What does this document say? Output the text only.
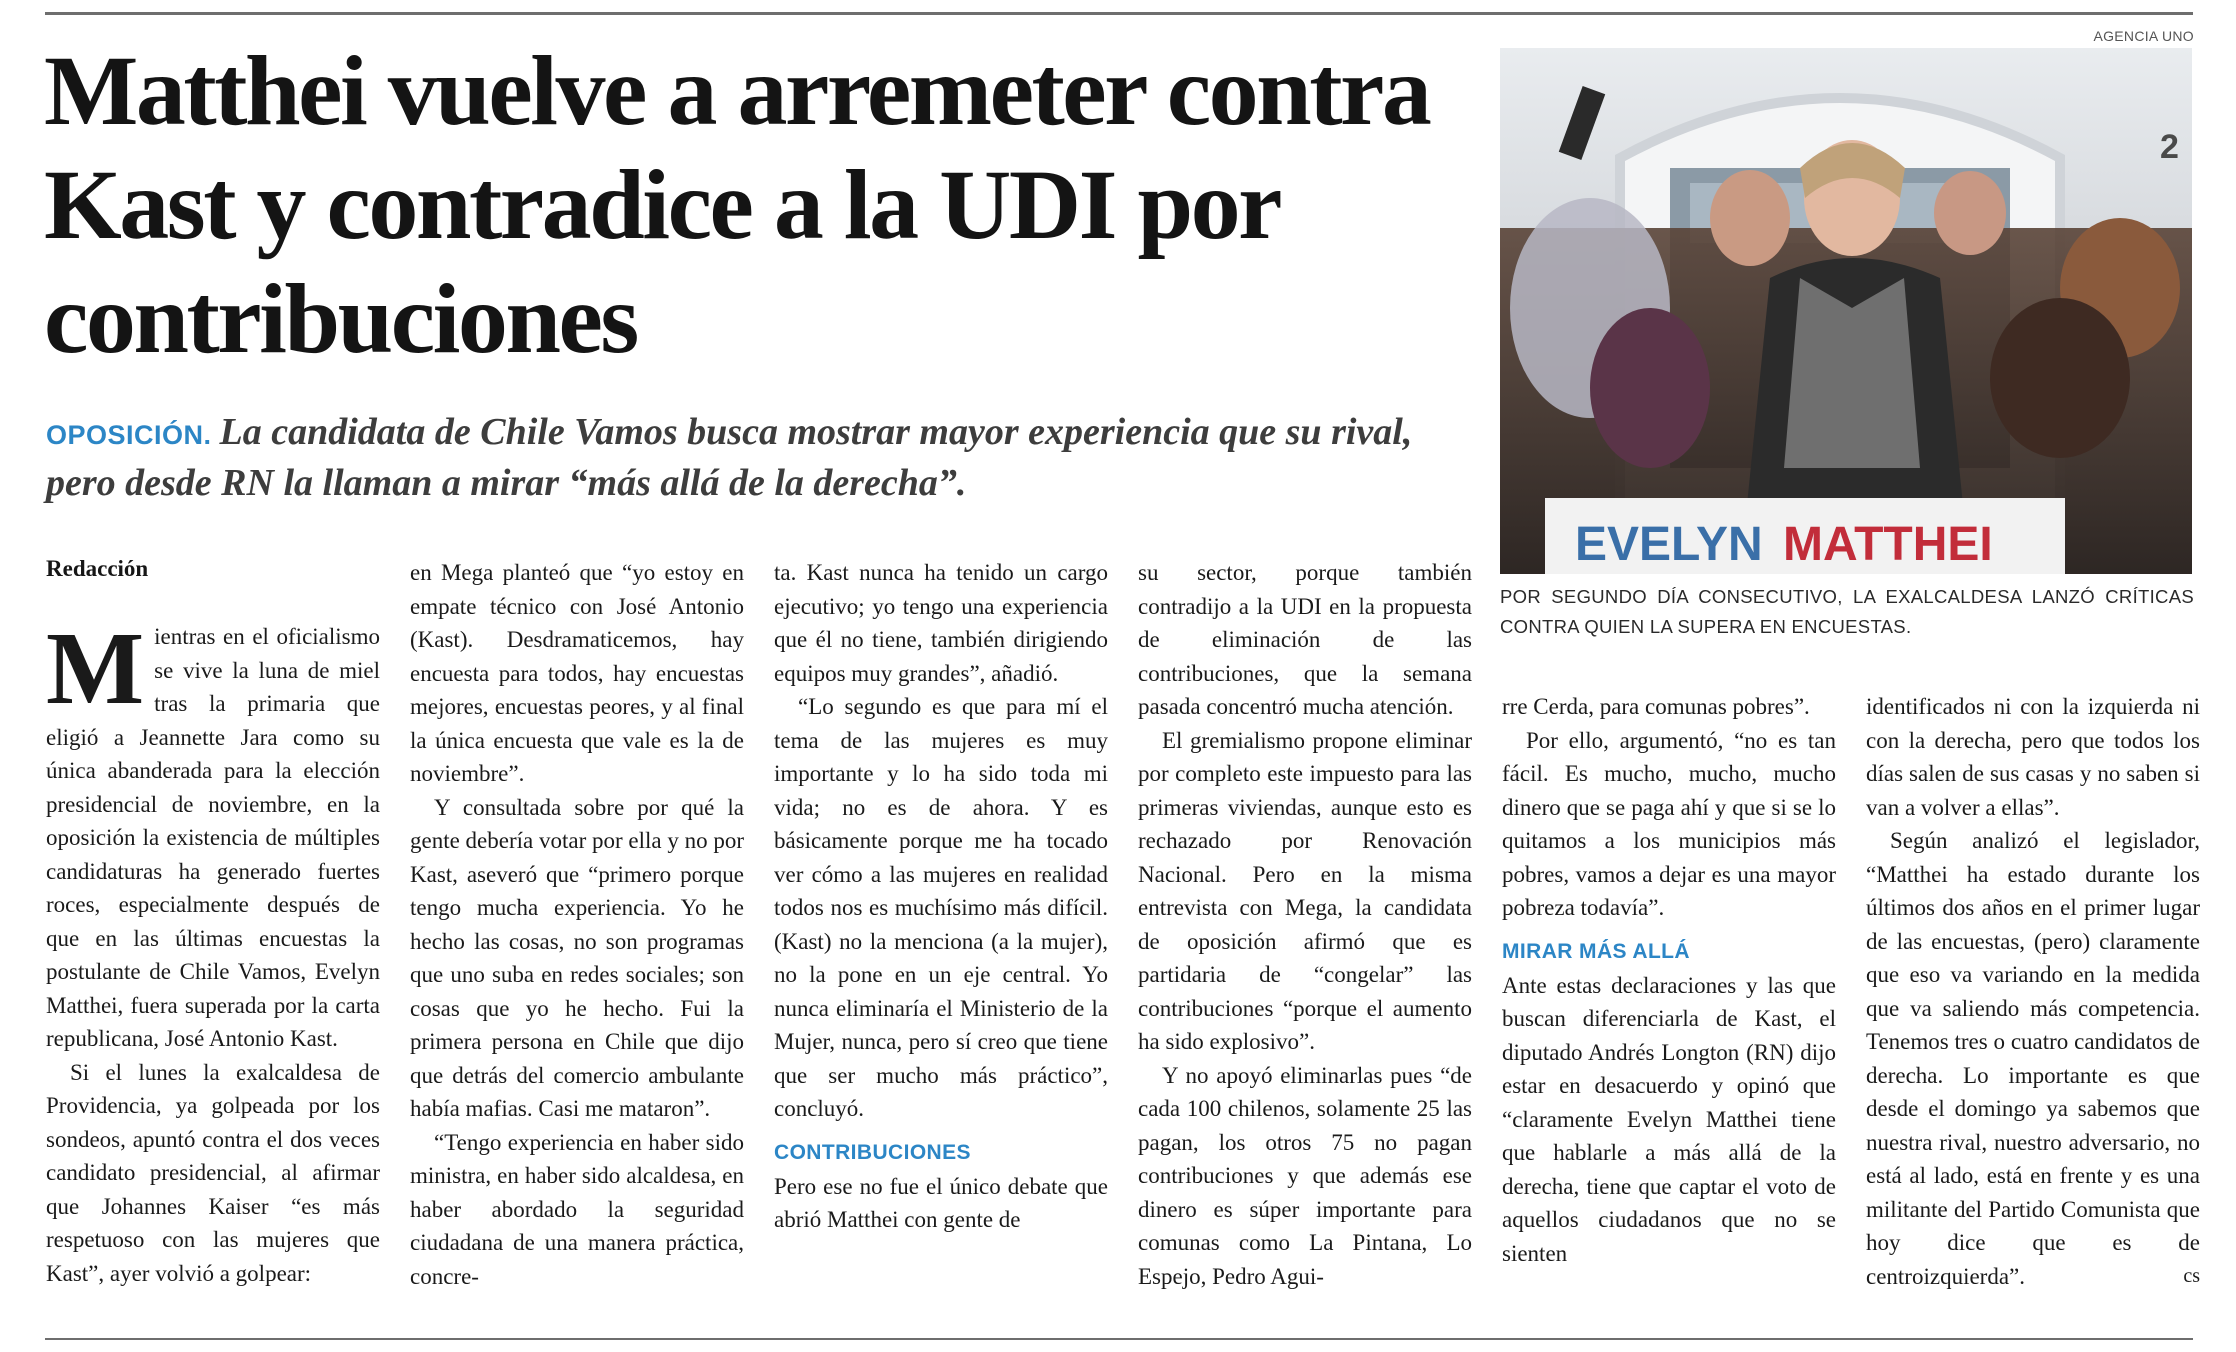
Matthei vuelve a arremeter contra Kast y contradice a la UDI por contribuciones

OPOSICIÓN. La candidata de Chile Vamos busca mostrar mayor experiencia que su rival, pero desde RN la llaman a mirar “más allá de la derecha”.

AGENCIA UNO
2
EVELYN MATTHEI

POR SEGUNDO DÍA CONSECUTIVO, LA EXALCALDESA LANZÓ CRÍTICAS CONTRA QUIEN LA SUPERA EN ENCUESTAS.

Redacción

Mientras en el oficialismo se vive la luna de miel tras la primaria que eligió a Jeannette Jara como su única abanderada para la elección presidencial de noviembre, en la oposición la existencia de múltiples candidaturas ha generado fuertes roces, especialmente después de que en las últimas encuestas la postulante de Chile Vamos, Evelyn Matthei, fuera superada por la carta republicana, José Antonio Kast.

Si el lunes la exalcaldesa de Providencia, ya golpeada por los sondeos, apuntó contra el dos veces candidato presidencial, al afirmar que Johannes Kaiser “es más respetuoso con las mujeres que Kast”, ayer volvió a golpear:

en Mega planteó que “yo estoy en empate técnico con José Antonio (Kast). Desdramaticemos, hay encuesta para todos, hay encuestas mejores, encuestas peores, y al final la única encuesta que vale es la de noviembre”.

Y consultada sobre por qué la gente debería votar por ella y no por Kast, aseveró que “primero porque tengo mucha experiencia. Yo he hecho las cosas, no son programas que uno suba en redes sociales; son cosas que yo he hecho. Fui la primera persona en Chile que dijo que detrás del comercio ambulante había mafias. Casi me mataron”.

“Tengo experiencia en haber sido ministra, en haber sido alcaldesa, en haber abordado la seguridad ciudadana de una manera práctica, concre-

ta. Kast nunca ha tenido un cargo ejecutivo; yo tengo una experiencia que él no tiene, también dirigiendo equipos muy grandes”, añadió.

“Lo segundo es que para mí el tema de las mujeres es muy importante y lo ha sido toda mi vida; no es de ahora. Y es básicamente porque me ha tocado ver cómo a las mujeres en realidad todos nos es muchísimo más difícil. (Kast) no la menciona (a la mujer), no la pone en un eje central. Yo nunca eliminaría el Ministerio de la Mujer, nunca, pero sí creo que tiene que ser mucho más práctico”, concluyó.

CONTRIBUCIONES

Pero ese no fue el único debate que abrió Matthei con gente de

su sector, porque también contradijo a la UDI en la propuesta de eliminación de las contribuciones, que la semana pasada concentró mucha atención.

El gremialismo propone eliminar por completo este impuesto para las primeras viviendas, aunque esto es rechazado por Renovación Nacional. Pero en la misma entrevista con Mega, la candidata de oposición afirmó que es partidaria de “congelar” las contribuciones “porque el aumento ha sido explosivo”.

Y no apoyó eliminarlas pues “de cada 100 chilenos, solamente 25 las pagan, los otros 75 no pagan contribuciones y que además ese dinero es súper importante para comunas como La Pintana, Lo Espejo, Pedro Agui-

rre Cerda, para comunas pobres”.

Por ello, argumentó, “no es tan fácil. Es mucho, mucho, mucho dinero que se paga ahí y que si se lo quitamos a los municipios más pobres, vamos a dejar es una mayor pobreza todavía”.

MIRAR MÁS ALLÁ

Ante estas declaraciones y las que buscan diferenciarla de Kast, el diputado Andrés Longton (RN) dijo estar en desacuerdo y opinó que “claramente Evelyn Matthei tiene que hablarle a más allá de la derecha, tiene que captar el voto de aquellos ciudadanos que no se sienten

identificados ni con la izquierda ni con la derecha, pero que todos los días salen de sus casas y no saben si van a volver a ellas”.

Según analizó el legislador, “Matthei ha estado durante los últimos dos años en el primer lugar de las encuestas, (pero) claramente que eso va variando en la medida que va saliendo más competencia. Tenemos tres o cuatro candidatos de derecha. Lo importante es que desde el domingo ya sabemos que nuestra rival, nuestro adversario, no está al lado, está en frente y es una militante del Partido Comunista que hoy dice que es de centroizquierda”.	cs
